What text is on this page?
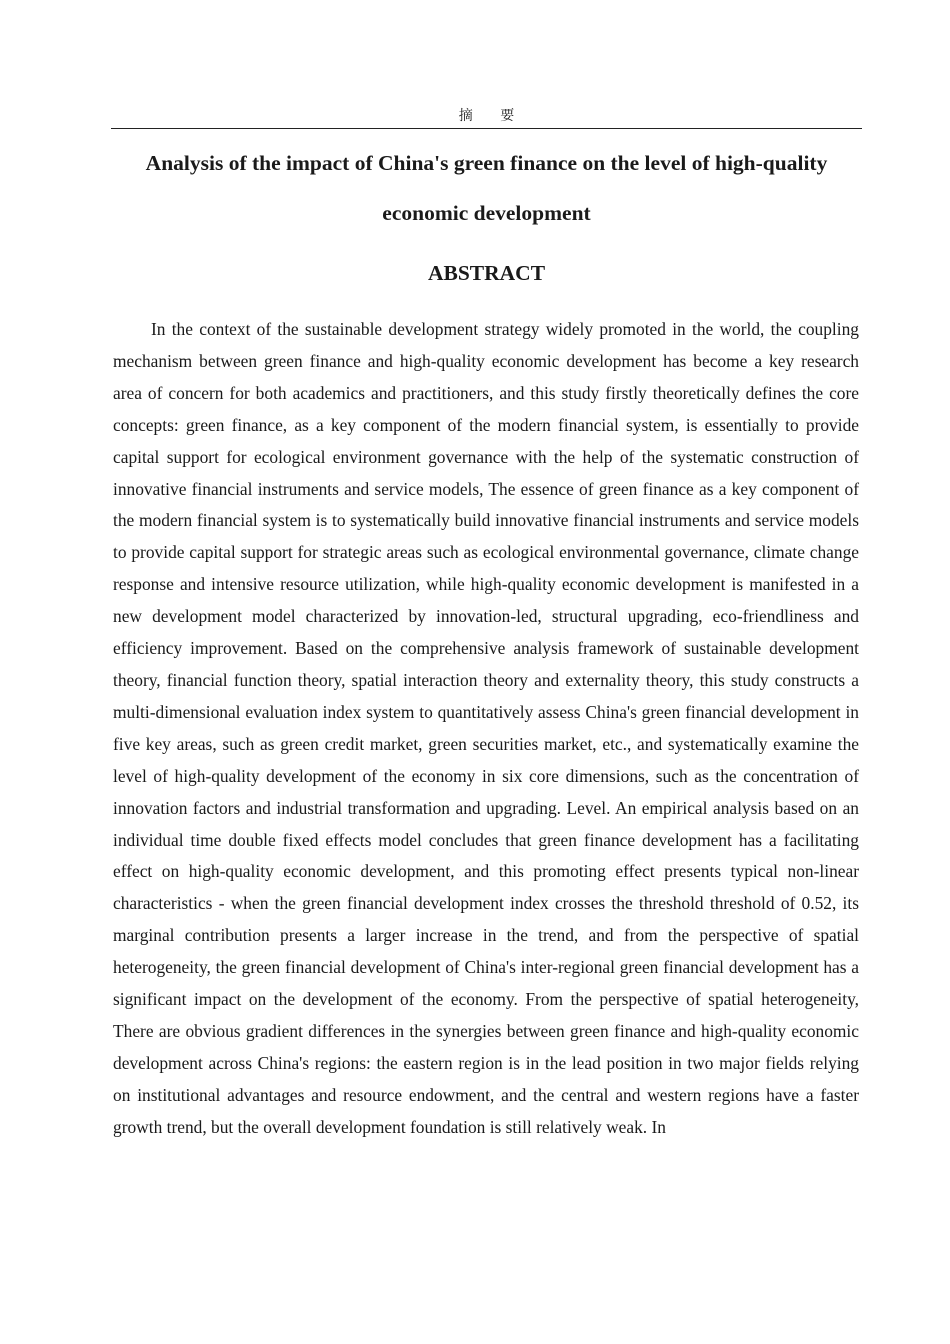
摘 要
Analysis of the impact of China's green finance on the level of high-quality economic development
ABSTRACT

In the context of the sustainable development strategy widely promoted in the world, the coupling mechanism between green finance and high-quality economic development has become a key research area of concern for both academics and practitioners, and this study firstly theoretically defines the core concepts: green finance, as a key component of the modern financial system, is essentially to provide capital support for ecological environment governance with the help of the systematic construction of innovative financial instruments and service models, The essence of green finance as a key component of the modern financial system is to systematically build innovative financial instruments and service models to provide capital support for strategic areas such as ecological environmental governance, climate change response and intensive resource utilization, while high-quality economic development is manifested in a new development model characterized by innovation-led, structural upgrading, eco-friendliness and efficiency improvement. Based on the comprehensive analysis framework of sustainable development theory, financial function theory, spatial interaction theory and externality theory, this study constructs a multi-dimensional evaluation index system to quantitatively assess China's green financial development in five key areas, such as green credit market, green securities market, etc., and systematically examine the level of high-quality development of the economy in six core dimensions, such as the concentration of innovation factors and industrial transformation and upgrading. Level. An empirical analysis based on an individual time double fixed effects model concludes that green finance development has a facilitating effect on high-quality economic development, and this promoting effect presents typical non-linear characteristics - when the green financial development index crosses the threshold threshold of 0.52, its marginal contribution presents a larger increase in the trend, and from the perspective of spatial heterogeneity, the green financial development of China's inter-regional green financial development has a significant impact on the development of the economy. From the perspective of spatial heterogeneity, There are obvious gradient differences in the synergies between green finance and high-quality economic development across China's regions: the eastern region is in the lead position in two major fields relying on institutional advantages and resource endowment, and the central and western regions have a faster growth trend, but the overall development foundation is still relatively weak. In
